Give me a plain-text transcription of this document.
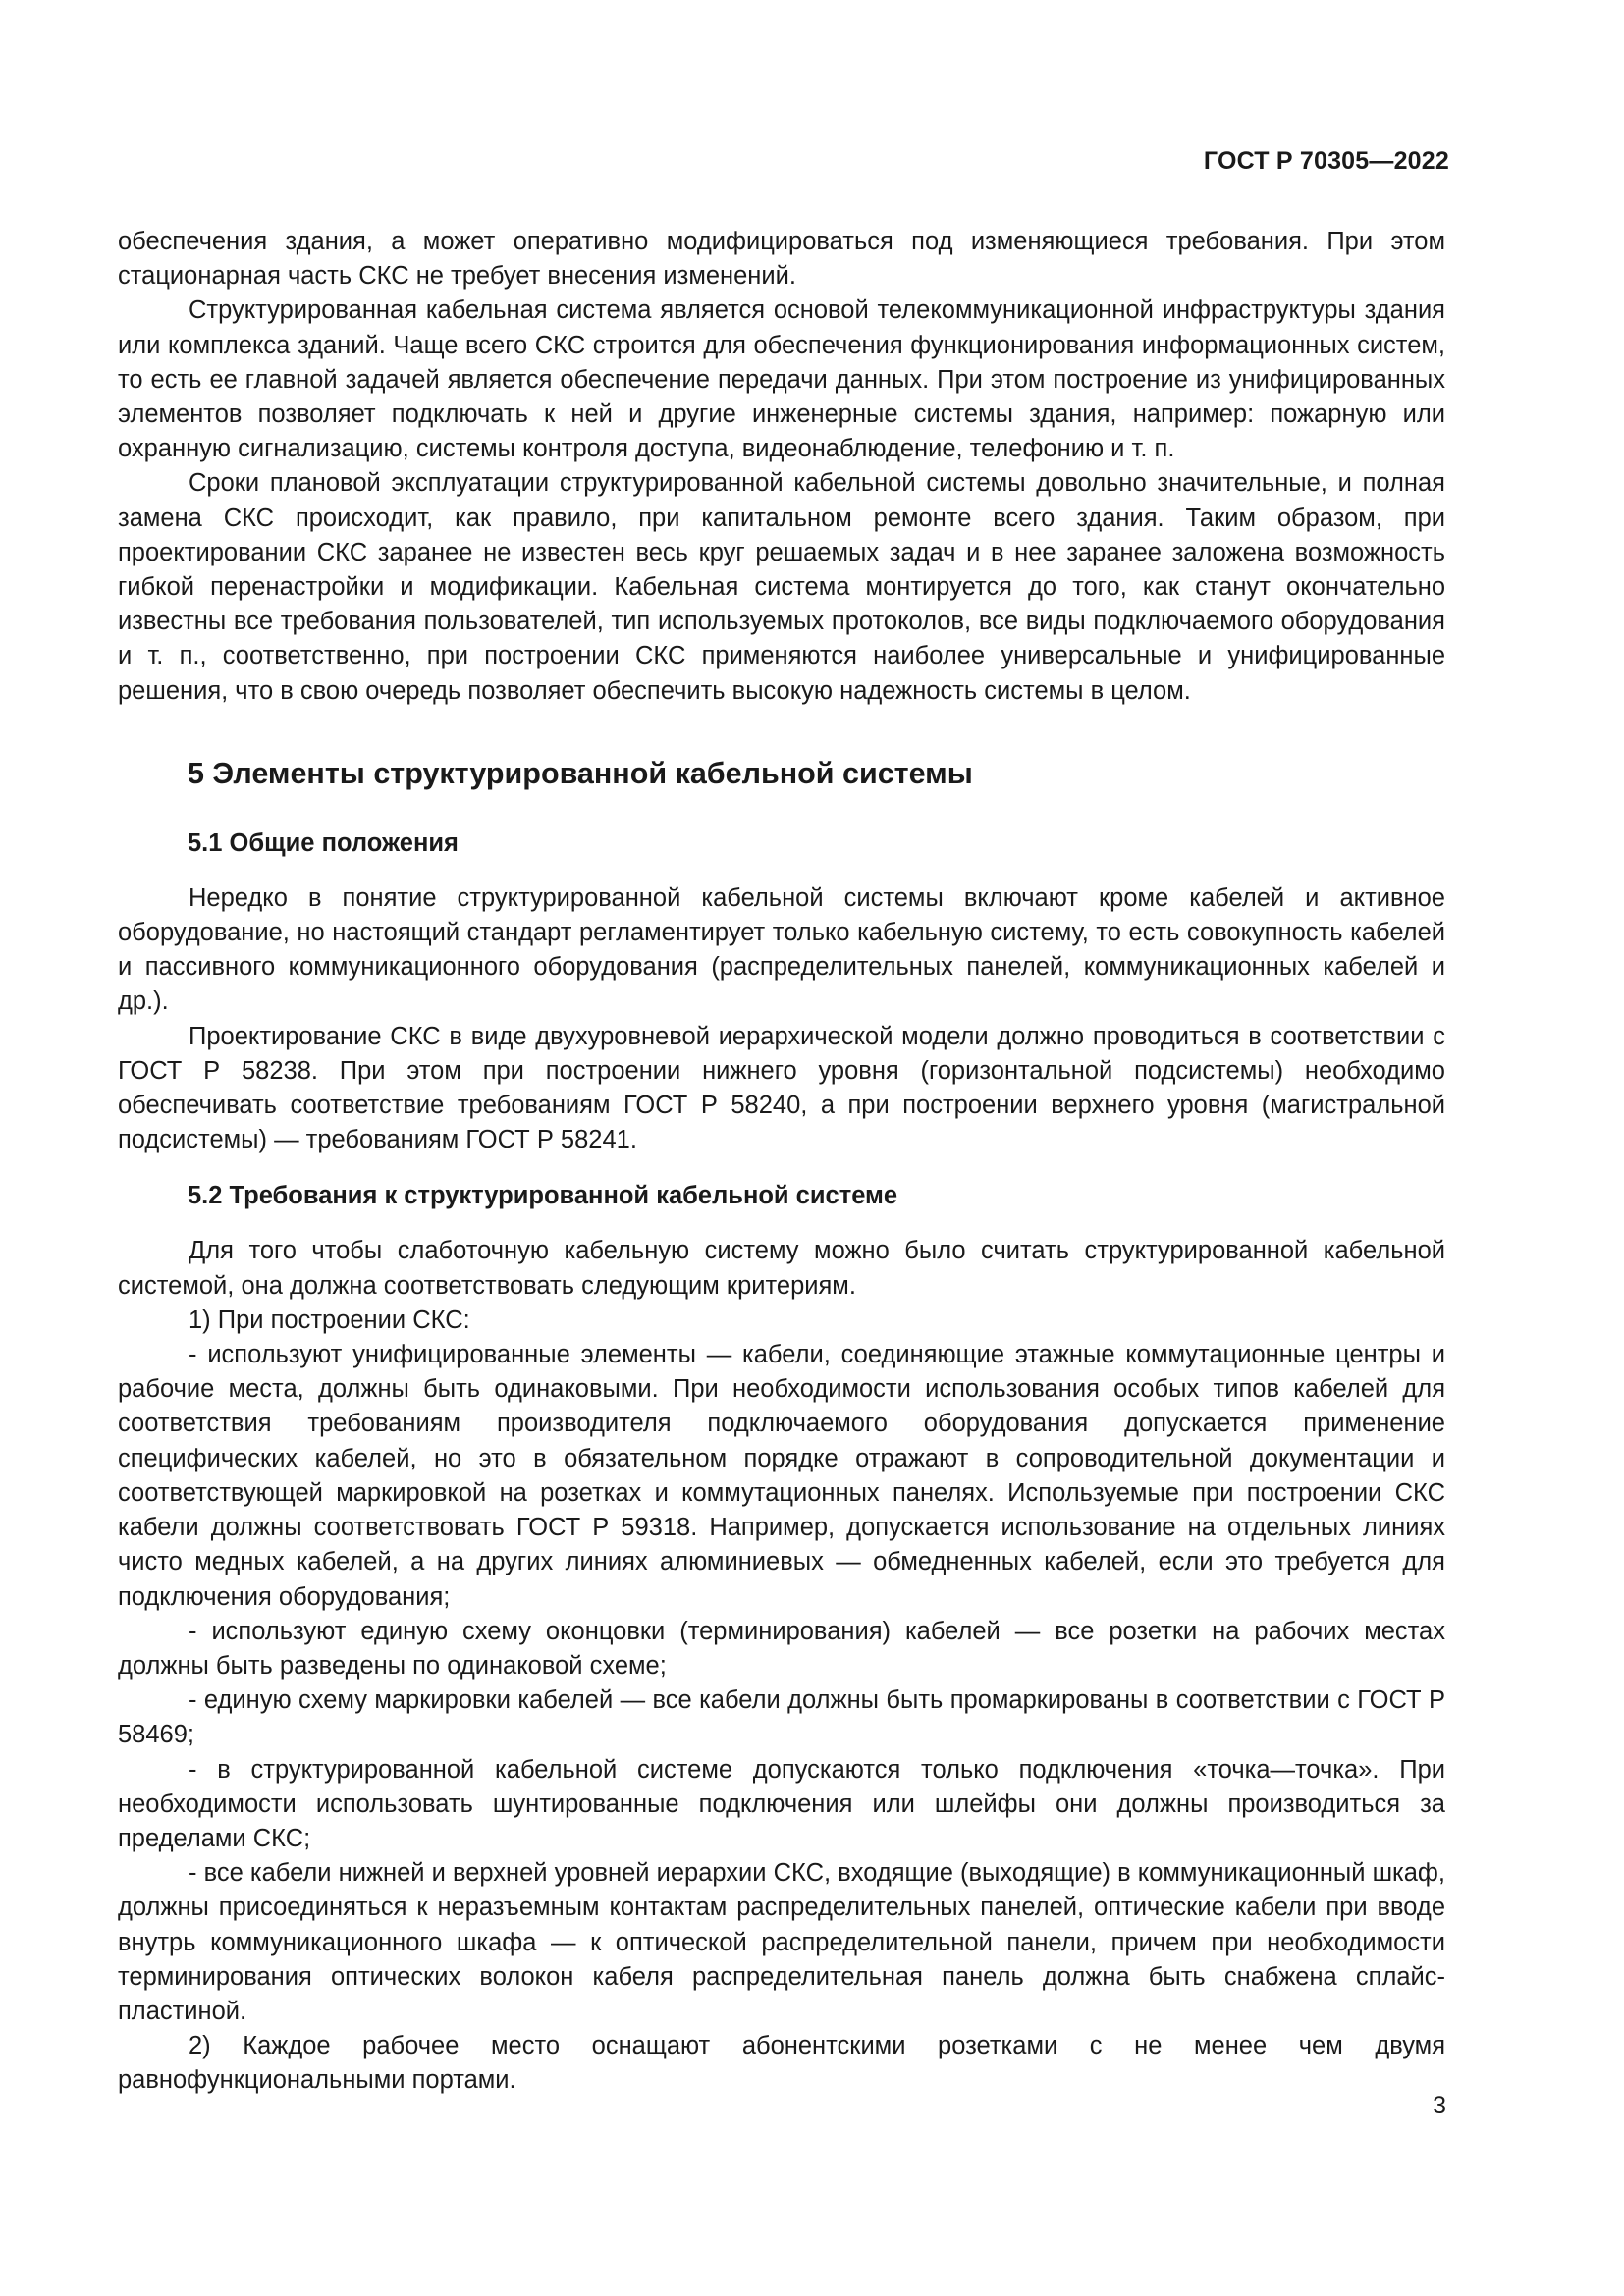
ГОСТ Р 70305—2022

обеспечения здания, а может оперативно модифицироваться под изменяющиеся требования. При этом стационарная часть СКС не требует внесения изменений.

Структурированная кабельная система является основой телекоммуникационной инфраструктуры здания или комплекса зданий. Чаще всего СКС строится для обеспечения функционирования информационных систем, то есть ее главной задачей является обеспечение передачи данных. При этом построение из унифицированных элементов позволяет подключать к ней и другие инженерные системы здания, например: пожарную или охранную сигнализацию, системы контроля доступа, видеонаблюдение, телефонию и т. п.

Сроки плановой эксплуатации структурированной кабельной системы довольно значительные, и полная замена СКС происходит, как правило, при капитальном ремонте всего здания. Таким образом, при проектировании СКС заранее не известен весь круг решаемых задач и в нее заранее заложена возможность гибкой перенастройки и модификации. Кабельная система монтируется до того, как станут окончательно известны все требования пользователей, тип используемых протоколов, все виды подключаемого оборудования и т. п., соответственно, при построении СКС применяются наиболее универсальные и унифицированные решения, что в свою очередь позволяет обеспечить высокую надежность системы в целом.

5 Элементы структурированной кабельной системы
5.1 Общие положения

Нередко в понятие структурированной кабельной системы включают кроме кабелей и активное оборудование, но настоящий стандарт регламентирует только кабельную систему, то есть совокупность кабелей и пассивного коммуникационного оборудования (распределительных панелей, коммуникационных кабелей и др.).

Проектирование СКС в виде двухуровневой иерархической модели должно проводиться в соответствии с ГОСТ Р 58238. При этом при построении нижнего уровня (горизонтальной подсистемы) необходимо обеспечивать соответствие требованиям ГОСТ Р 58240, а при построении верхнего уровня (магистральной подсистемы) — требованиям ГОСТ Р 58241.

5.2 Требования к структурированной кабельной системе

Для того чтобы слаботочную кабельную систему можно было считать структурированной кабельной системой, она должна соответствовать следующим критериям.

1) При построении СКС:

- используют унифицированные элементы — кабели, соединяющие этажные коммутационные центры и рабочие места, должны быть одинаковыми. При необходимости использования особых типов кабелей для соответствия требованиям производителя подключаемого оборудования допускается применение специфических кабелей, но это в обязательном порядке отражают в сопроводительной документации и соответствующей маркировкой на розетках и коммутационных панелях. Используемые при построении СКС кабели должны соответствовать ГОСТ Р 59318. Например, допускается использование на отдельных линиях чисто медных кабелей, а на других линиях алюминиевых — обмедненных кабелей, если это требуется для подключения оборудования;

- используют единую схему оконцовки (терминирования) кабелей — все розетки на рабочих местах должны быть разведены по одинаковой схеме;

- единую схему маркировки кабелей — все кабели должны быть промаркированы в соответствии с ГОСТ Р 58469;

- в структурированной кабельной системе допускаются только подключения «точка—точка». При необходимости использовать шунтированные подключения или шлейфы они должны производиться за пределами СКС;

- все кабели нижней и верхней уровней иерархии СКС, входящие (выходящие) в коммуникационный шкаф, должны присоединяться к неразъемным контактам распределительных панелей, оптические кабели при вводе внутрь коммуникационного шкафа — к оптической распределительной панели, причем при необходимости терминирования оптических волокон кабеля распределительная панель должна быть снабжена сплайс-пластиной.

2) Каждое рабочее место оснащают абонентскими розетками с не менее чем двумя равнофункциональными портами.

3
